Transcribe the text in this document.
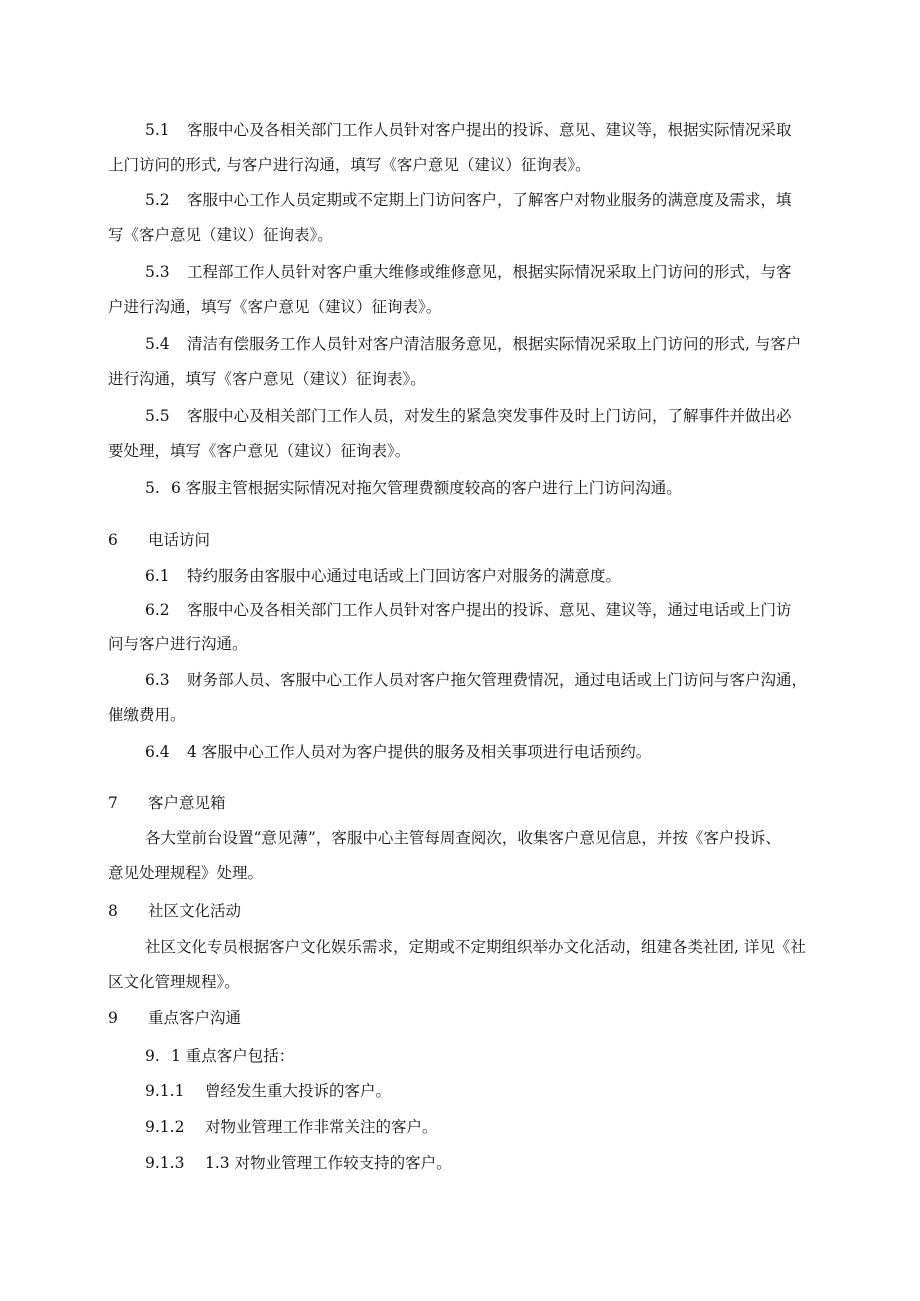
5.1 客服中心及各相关部门工作人员针对客户提出的投诉、意见、建议等，根据实际情况采取
上门访问的形式, 与客户进行沟通，填写《客户意见（建议）征询表》。
5.2 客服中心工作人员定期或不定期上门访问客户，了解客户对物业服务的满意度及需求，填
写《客户意见（建议）征询表》。
5.3 工程部工作人员针对客户重大维修或维修意见，根据实际情况采取上门访问的形式，与客
户进行沟通，填写《客户意见（建议）征询表》。
5.4 清洁有偿服务工作人员针对客户清洁服务意见，根据实际情况采取上门访问的形式, 与客户
进行沟通，填写《客户意见（建议）征询表》。
5.5 客服中心及相关部门工作人员，对发生的紧急突发事件及时上门访问，了解事件并做出必
要处理，填写《客户意见（建议）征询表》。
5. 6 客服主管根据实际情况对拖欠管理费额度较高的客户进行上门访问沟通。
6 电话访问
6.1 特约服务由客服中心通过电话或上门回访客户对服务的满意度。
6.2 客服中心及各相关部门工作人员针对客户提出的投诉、意见、建议等，通过电话或上门访
问与客户进行沟通。
6.3 财务部人员、客服中心工作人员对客户拖欠管理费情况，通过电话或上门访问与客户沟通，
催缴费用。
6.4 4 客服中心工作人员对为客户提供的服务及相关事项进行电话预约。
7 客户意见箱
各大堂前台设置“意见薄”，客服中心主管每周查阅次，收集客户意见信息，并按《客户投诉、
意见处理规程》处理。
8 社区文化活动
社区文化专员根据客户文化娱乐需求，定期或不定期组织举办文化活动，组建各类社团, 详见《社
区文化管理规程》。
9 重点客户沟通
9. 1 重点客户包括：
9.1.1 曾经发生重大投诉的客户。
9.1.2 对物业管理工作非常关注的客户。
9.1.3 1.3 对物业管理工作较支持的客户。
